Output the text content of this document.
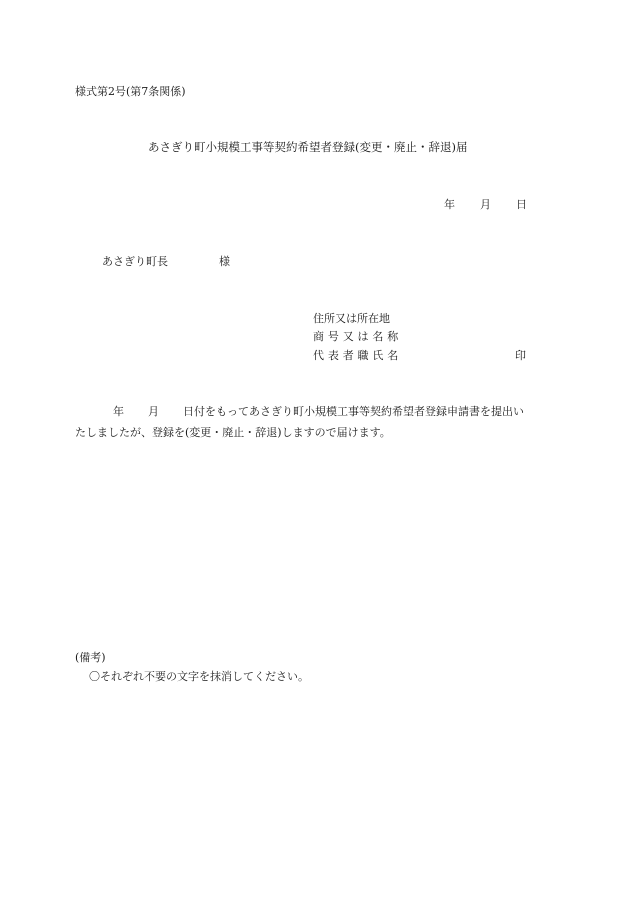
様式第2号(第7条関係)
あさぎり町小規模工事等契約希望者登録(変更・廃止・辞退)届
年 月 日
あさぎり町長	様
住所又は所在地
商号又は名称
代表者職氏名	印
年 月 日付をもってあさぎり町小規模工事等契約希望者登録申請書を提出い
たしましたが、登録を(変更・廃止・辞退)しますので届けます。
(備考)
〇それぞれ不要の文字を抹消してください。
